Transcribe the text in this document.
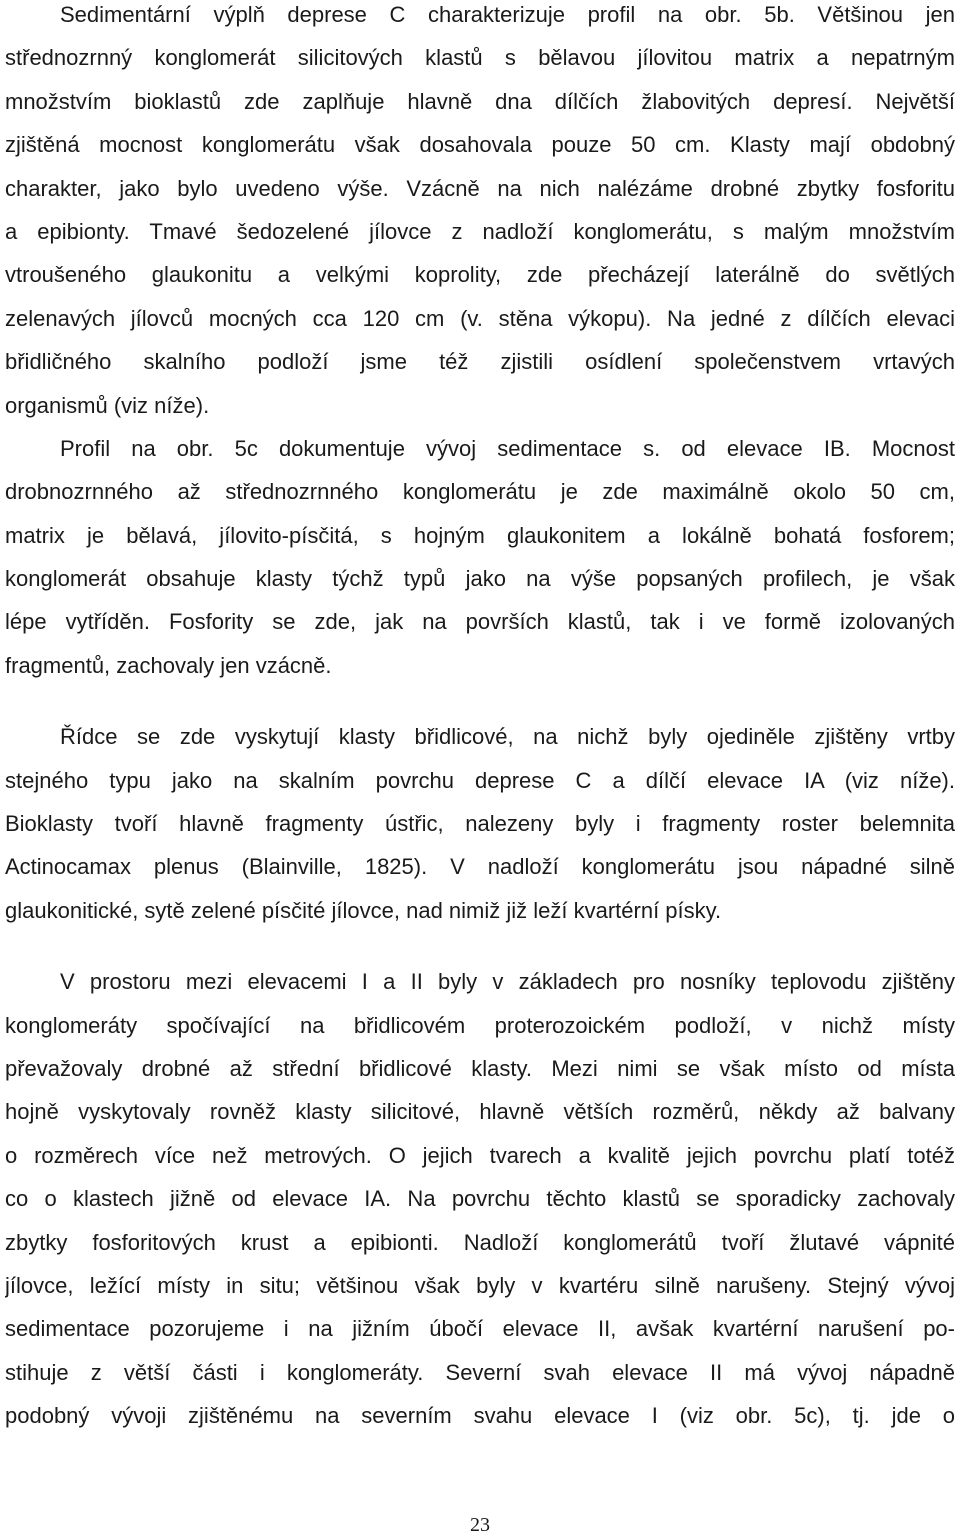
Sedimentární výplň deprese C charakterizuje profil na obr. 5b. Většinou jen
střednozrnný konglomerát silicitových klastů s bělavou jílovitou matrix a nepatrným
množstvím bioklastů zde zaplňuje hlavně dna dílčích žlabovitých depresí. Největší
zjištěná mocnost konglomerátu však dosahovala pouze 50 cm. Klasty mají obdobný
charakter, jako bylo uvedeno výše. Vzácně na nich nalézáme drobné zbytky fosforitu
a epibionty. Tmavé šedozelené jílovce z nadloží konglomerátu, s malým množstvím
vtroušeného glaukonitu a velkými koprolity, zde přecházejí laterálně do světlých
zelenavých jílovců mocných cca 120 cm (v. stěna výkopu). Na jedné z dílčích elevaci
břidličného skalního podloží jsme též zjistili osídlení společenstvem vrtavých
organismů (viz níže).
Profil na obr. 5c dokumentuje vývoj sedimentace s. od elevace IB. Mocnost
drobnozrnného až střednozrnného konglomerátu je zde maximálně okolo 50 cm,
matrix je bělavá, jílovito-písčitá, s hojným glaukonitem a lokálně bohatá fosforem;
konglomerát obsahuje klasty týchž typů jako na výše popsaných profilech, je však
lépe vytříděn. Fosfority se zde, jak na površích klastů, tak i ve formě izolovaných
fragmentů, zachovaly jen vzácně.
Řídce se zde vyskytují klasty břidlicové, na nichž byly ojediněle zjištěny vrtby
stejného typu jako na skalním povrchu deprese C a dílčí elevace IA (viz níže).
Bioklasty tvoří hlavně fragmenty ústřic, nalezeny byly i fragmenty roster belemnita
Actinocamax plenus (Blainville, 1825). V nadloží konglomerátu jsou nápadné silně
glaukonitické, sytě zelené písčité jílovce, nad nimiž již leží kvartérní písky.
V prostoru mezi elevacemi I a II byly v základech pro nosníky teplovodu zjištěny
konglomeráty spočívající na břidlicovém proterozoickém podloží, v nichž místy
převažovaly drobné až střední břidlicové klasty. Mezi nimi se však místo od místa
hojně vyskytovaly rovněž klasty silicitové, hlavně větších rozměrů, někdy až balvany
o rozměrech více než metrových. O jejich tvarech a kvalitě jejich povrchu platí totéž
co o klastech jižně od elevace IA. Na povrchu těchto klastů se sporadicky zachovaly
zbytky fosforitových krust a epibionti. Nadloží konglomerátů tvoří žlutavé vápnité
jílovce, ležící místy in situ; většinou však byly v kvartéru silně narušeny. Stejný vývoj
sedimentace pozorujeme i na jižním úbočí elevace II, avšak kvartérní narušení po-
stihuje z větší části i konglomeráty. Severní svah elevace II má vývoj nápadně
podobný vývoji zjištěnému na severním svahu elevace I (viz obr. 5c), tj. jde o
23
